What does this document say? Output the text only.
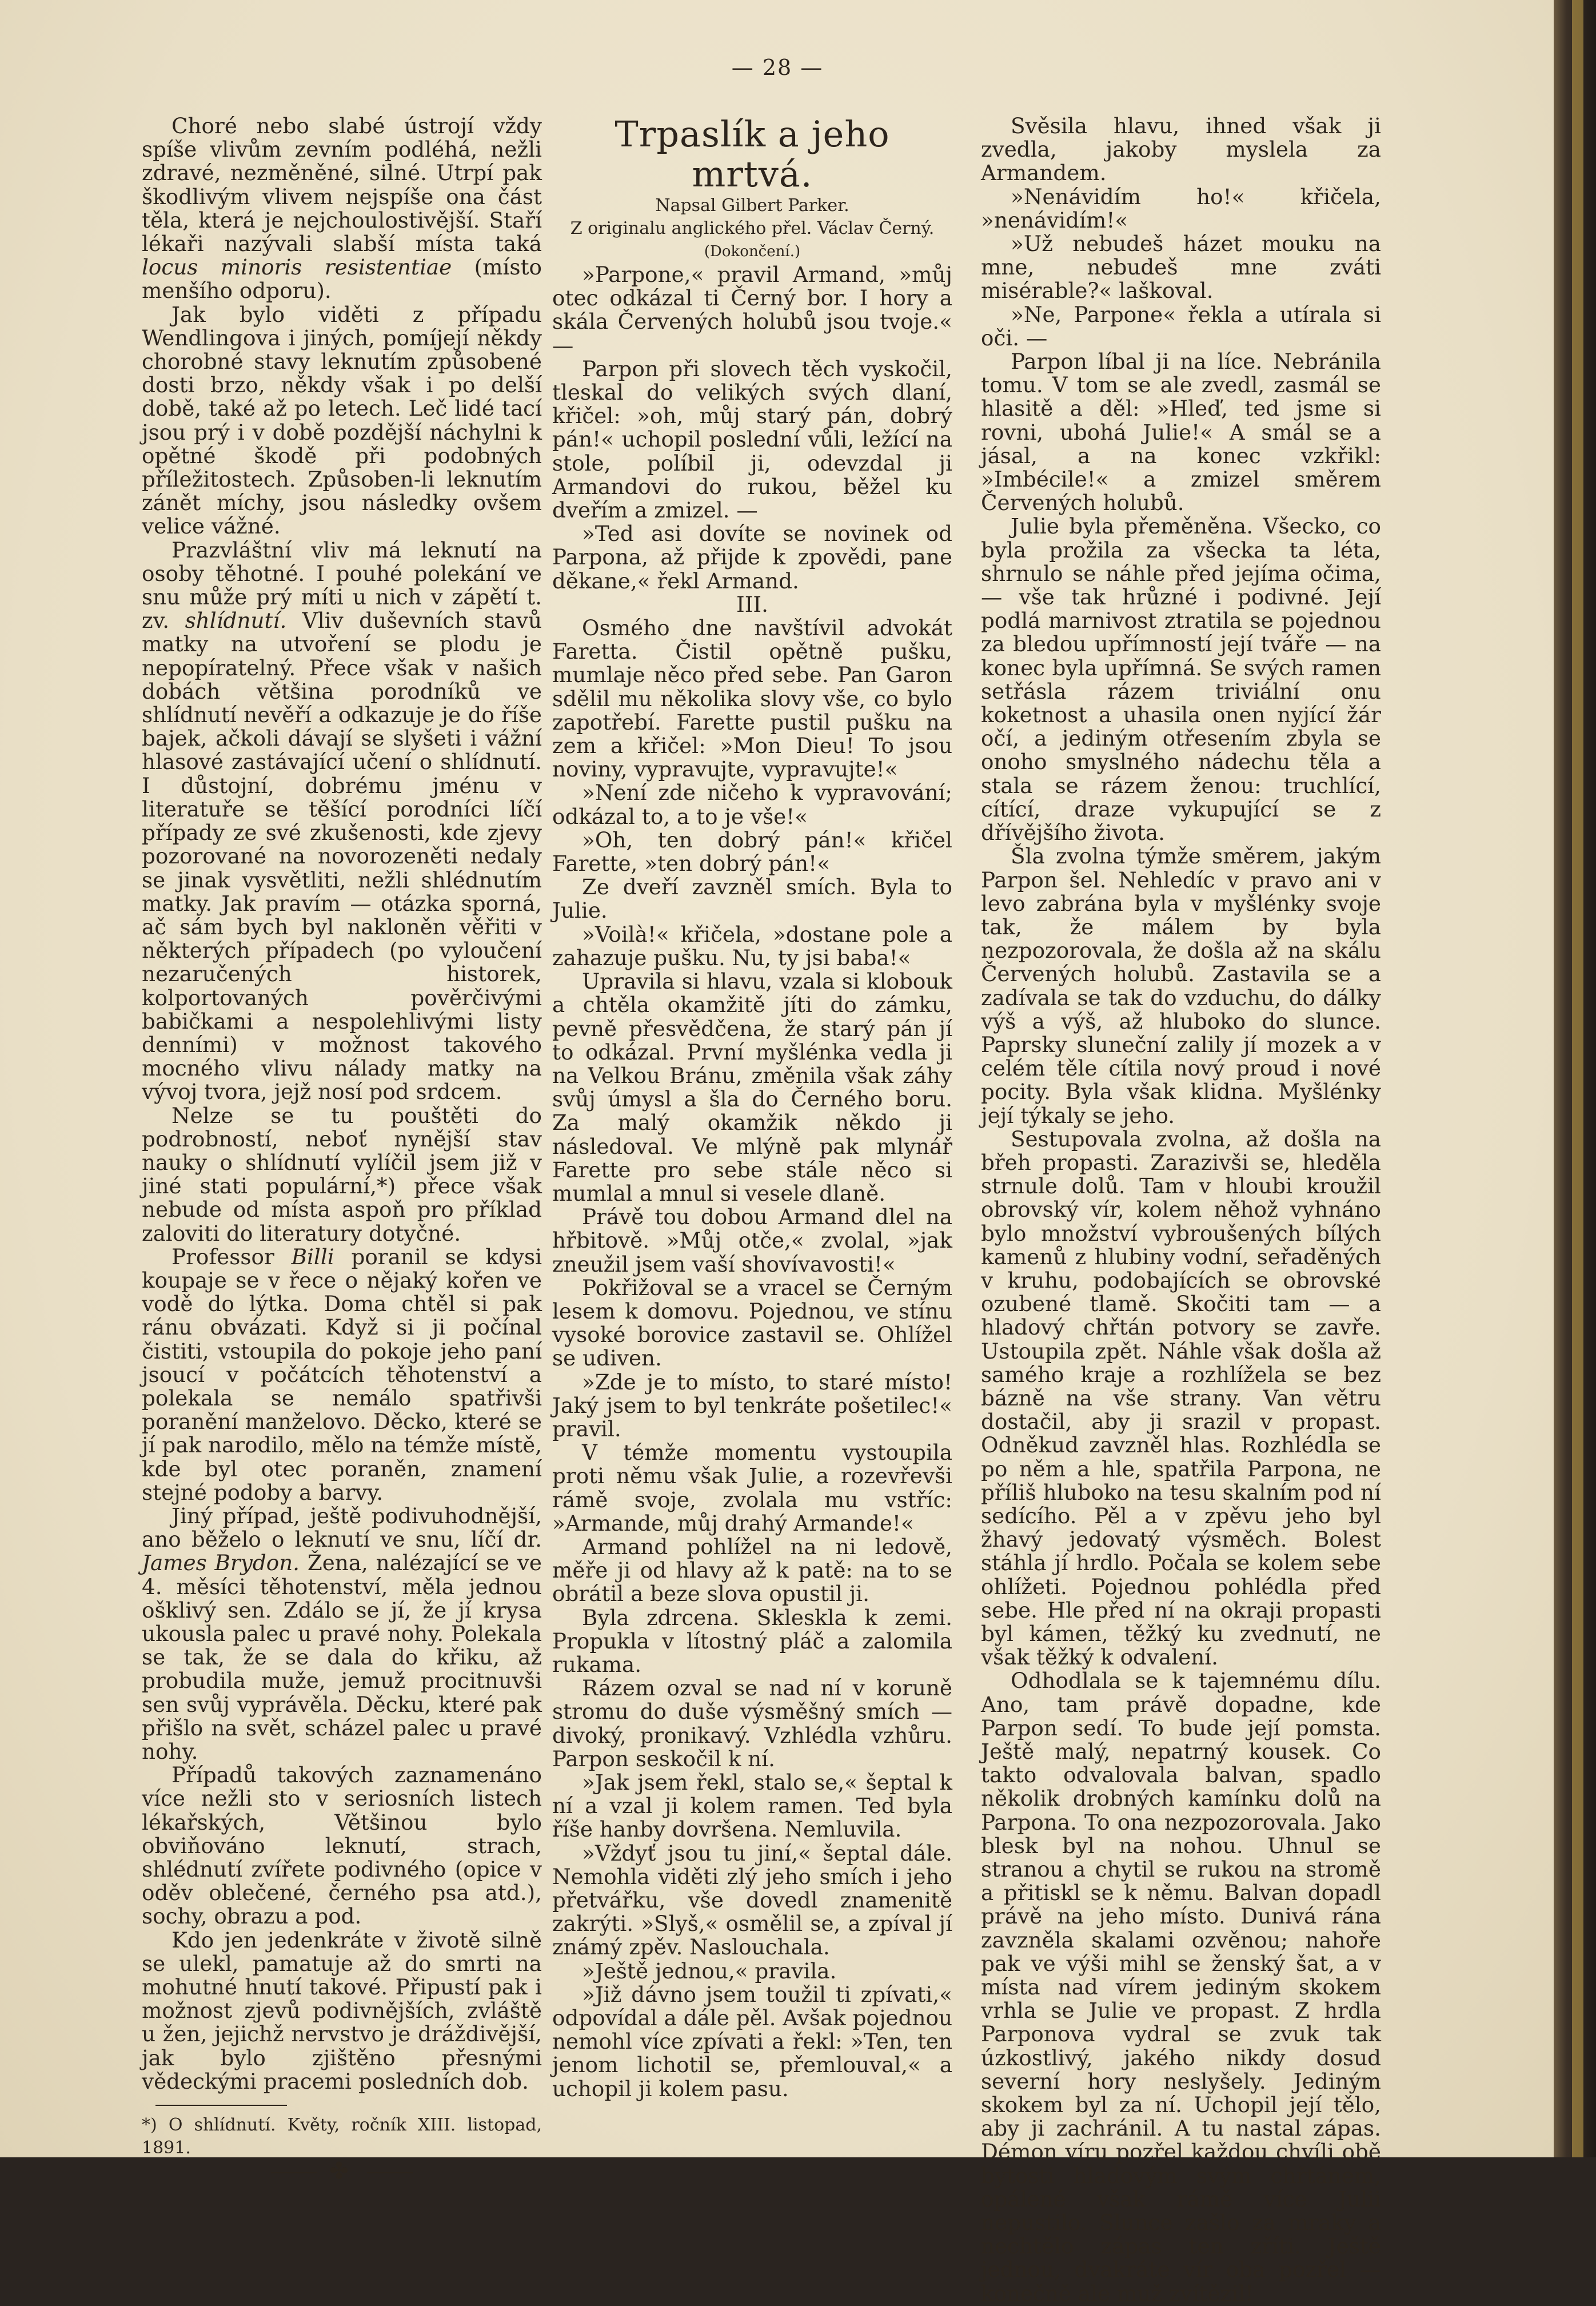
— 28 —

Choré nebo slabé ústrojí vždy spíše vlivům zevním podléhá, nežli zdravé, nezměněné, silné. Utrpí pak škodlivým vlivem nejspíše ona část těla, která je nejchoulostivější. Staří lékaři nazývali slabší místa taká locus minoris resistentiae (místo menšího odporu).

Jak bylo viděti z případu Wendlingova i jiných, pomíjejí někdy chorobné stavy leknutím způsobené dosti brzo, někdy však i po delší době, také až po letech. Leč lidé tací jsou prý i v době pozdější náchylni k opětné škodě při podobných příležitostech. Způsoben-li leknutím zánět míchy, jsou následky ovšem velice vážné.

Prazvláštní vliv má leknutí na osoby těhotné. I pouhé polekání ve snu může prý míti u nich v zápětí t. zv. shlídnutí. Vliv duševních stavů matky na utvoření se plodu je nepopíratelný. Přece však v našich dobách většina porodníků ve shlídnutí nevěří a odkazuje je do říše bajek, ačkoli dávají se slyšeti i vážní hlasové zastávající učení o shlídnutí. I důstojní, dobrému jménu v literatuře se těšící porodníci líčí případy ze své zkušenosti, kde zjevy pozorované na novorozeněti nedaly se jinak vysvětliti, nežli shlédnutím matky. Jak pravím — otázka sporná, ač sám bych byl nakloněn věřiti v některých případech (po vyloučení nezaručených historek, kolportovaných pověrčivými babičkami a nespolehlivými listy denními) v možnost takového mocného vlivu nálady matky na vývoj tvora, jejž nosí pod srdcem.

Nelze se tu pouštěti do podrobností, neboť nynější stav nauky o shlídnutí vylíčil jsem již v jiné stati populární,*) přece však nebude od místa aspoň pro příklad zaloviti do literatury dotyčné.

Professor Billi poranil se kdysi koupaje se v řece o nějaký kořen ve vodě do lýtka. Doma chtěl si pak ránu obvázati. Když si ji počínal čistiti, vstoupila do pokoje jeho paní jsoucí v počátcích těhotenství a polekala se nemálo spatřivši poranění manželovo. Děcko, které se jí pak narodilo, mělo na témže místě, kde byl otec poraněn, znamení stejné podoby a barvy.

Jiný případ, ještě podivuhodnější, ano běželo o leknutí ve snu, líčí dr. James Brydon. Žena, nalézající se ve 4. měsíci těhotenství, měla jednou ošklivý sen. Zdálo se jí, že jí krysa ukousla palec u pravé nohy. Polekala se tak, že se dala do křiku, až probudila muže, jemuž procitnuvši sen svůj vyprávěla. Děcku, které pak přišlo na svět, scházel palec u pravé nohy.

Případů takových zaznamenáno více nežli sto v seriosních listech lékařských, Většinou bylo obviňováno leknutí, strach, shlédnutí zvířete podivného (opice v oděv oblečené, černého psa atd.), sochy, obrazu a pod.

Kdo jen jedenkráte v životě silně se ulekl, pamatuje až do smrti na mohutné hnutí takové. Připustí pak i možnost zjevů podivnějších, zvláště u žen, jejichž nervstvo je dráždivější, jak bylo zjištěno přesnými vědeckými pracemi posledních dob.

*) O shlídnutí. Květy, ročník XIII. listopad, 1891.

✤

Trpaslík a jeho mrtvá.

Napsal Gilbert Parker.

Z originalu anglického přel. Václav Černý.

(Dokončení.)

»Parpone,« pravil Armand, »můj otec odkázal ti Černý bor. I hory a skála Červených holubů jsou tvoje.« —

Parpon při slovech těch vyskočil, tleskal do velikých svých dlaní, křičel: »oh, můj starý pán, dobrý pán!« uchopil poslední vůli, ležící na stole, políbil ji, odevzdal ji Armandovi do rukou, běžel ku dveřím a zmizel. —

»Ted asi dovíte se novinek od Parpona, až přijde k zpovědi, pane děkane,« řekl Armand.

III.

Osmého dne navštívil advokát Faretta. Čistil opětně pušku, mumlaje něco před sebe. Pan Garon sdělil mu několika slovy vše, co bylo zapotřebí. Farette pustil pušku na zem a křičel: »Mon Dieu! To jsou noviny, vypravujte, vypravujte!«

»Není zde ničeho k vypravování; odkázal to, a to je vše!«

»Oh, ten dobrý pán!« křičel Farette, »ten dobrý pán!«

Ze dveří zavzněl smích. Byla to Julie.

»Voilà!« křičela, »dostane pole a zahazuje pušku. Nu, ty jsi baba!«

Upravila si hlavu, vzala si klobouk a chtěla okamžitě jíti do zámku, pevně přesvědčena, že starý pán jí to odkázal. První myšlénka vedla ji na Velkou Bránu, změnila však záhy svůj úmysl a šla do Černého boru. Za malý okamžik někdo ji následoval. Ve mlýně pak mlynář Farette pro sebe stále něco si mumlal a mnul si vesele dlaně.

Právě tou dobou Armand dlel na hřbitově. »Můj otče,« zvolal, »jak zneužil jsem vaší shovívavosti!«

Pokřižoval se a vracel se Černým lesem k domovu. Pojednou, ve stínu vysoké borovice zastavil se. Ohlížel se udiven.

»Zde je to místo, to staré místo! Jaký jsem to byl tenkráte pošetilec!« pravil.

V témže momentu vystoupila proti němu však Julie, a rozevřevši rámě svoje, zvolala mu vstříc: »Armande, můj drahý Armande!«

Armand pohlížel na ni ledově, měře ji od hlavy až k patě: na to se obrátil a beze slova opustil ji.

Byla zdrcena. Skleskla k zemi. Propukla v lítostný pláč a zalomila rukama.

Rázem ozval se nad ní v koruně stromu do duše výsměšný smích — divoký, pronikavý. Vzhlédla vzhůru. Parpon seskočil k ní.

»Jak jsem řekl, stalo se,« šeptal k ní a vzal ji kolem ramen. Ted byla říše hanby dovršena. Nemluvila.

»Vždyť jsou tu jiní,« šeptal dále. Nemohla viděti zlý jeho smích i jeho přetvářku, vše dovedl znamenitě zakrýti. »Slyš,« osmělil se, a zpíval jí známý zpěv. Naslouchala.

»Ještě jednou,« pravila.

»Již dávno jsem toužil ti zpívati,« odpovídal a dále pěl. Avšak pojednou nemohl více zpívati a řekl: »Ten, ten jenom lichotil se, přemlouval,« a uchopil ji kolem pasu.

Svěsila hlavu, ihned však ji zvedla, jakoby myslela za Armandem.

»Nenávidím ho!« křičela, »nenávidím!«

»Už nebudeš házet mouku na mne, nebudeš mne zváti misérable?« laškoval.

»Ne, Parpone« řekla a utírala si oči. —

Parpon líbal ji na líce. Nebránila tomu. V tom se ale zvedl, zasmál se hlasitě a děl: »Hleď, ted jsme si rovni, ubohá Julie!« A smál se a jásal, a na konec vzkřikl: »Imbécile!« a zmizel směrem Červených holubů.

Julie byla přeměněna. Všecko, co byla prožila za všecka ta léta, shrnulo se náhle před jejíma očima, — vše tak hrůzné i podivné. Její podlá marnivost ztratila se pojednou za bledou upřímností její tváře — na konec byla upřímná. Se svých ramen setřásla rázem triviální onu koketnost a uhasila onen nyjící žár očí, a jediným otřesením zbyla se onoho smyslného nádechu těla a stala se rázem ženou: truchlící, cítící, draze vykupující se z dřívějšího života.

Šla zvolna týmže směrem, jakým Parpon šel. Nehledíc v pravo ani v levo zabrána byla v myšlénky svoje tak, že málem by byla nezpozorovala, že došla až na skálu Červených holubů. Zastavila se a zadívala se tak do vzduchu, do dálky výš a výš, až hluboko do slunce. Paprsky sluneční zalily jí mozek a v celém těle cítila nový proud i nové pocity. Byla však klidna. Myšlénky její týkaly se jeho.

Sestupovala zvolna, až došla na břeh propasti. Zarazivši se, hleděla strnule dolů. Tam v hloubi kroužil obrovský vír, kolem něhož vyhnáno bylo množství vybroušených bílých kamenů z hlubiny vodní, seřaděných v kruhu, podobajících se obrovské ozubené tlamě. Skočiti tam — a hladový chřtán potvory se zavře. Ustoupila zpět. Náhle však došla až samého kraje a rozhlížela se bez bázně na vše strany. Van větru dostačil, aby ji srazil v propast. Odněkud zavzněl hlas. Rozhlédla se po něm a hle, spatřila Parpona, ne příliš hluboko na tesu skalním pod ní sedícího. Pěl a v zpěvu jeho byl žhavý jedovatý výsměch. Bolest stáhla jí hrdlo. Počala se kolem sebe ohlížeti. Pojednou pohlédla před sebe. Hle před ní na okraji propasti byl kámen, těžký ku zvednutí, ne však těžký k odvalení.

Odhodlala se k tajemnému dílu. Ano, tam právě dopadne, kde Parpon sedí. To bude její pomsta. Ještě malý, nepatrný kousek. Co takto odvalovala balvan, spadlo několik drobných kamínku dolů na Parpona. To ona nezpozorovala. Jako blesk byl na nohou. Uhnul se stranou a chytil se rukou na stromě a přitiskl se k němu. Balvan dopadl právě na jeho místo. Dunivá rána zavzněla skalami ozvěnou; nahoře pak ve výši mihl se ženský šat, a v místa nad vírem jediným skokem vrhla se Julie ve propast. Z hrdla Parponova vydral se zvuk tak úzkostlivý, jakého nikdy dosud severní hory neslyšely. Jediným skokem byl za ní. Uchopil její tělo, aby ji zachránil. A tu nastal zápas. Démon víru pozřel každou chvíli obě bytosti hladovým svým chřtánem, opálené však rámě více Julii nepustilo. Slunce zašlo za mraky a nechtělo zápas ten zříti. Ještě jednou, dvakráte vír oba pozřel — konečně ale muž zvítězil!
